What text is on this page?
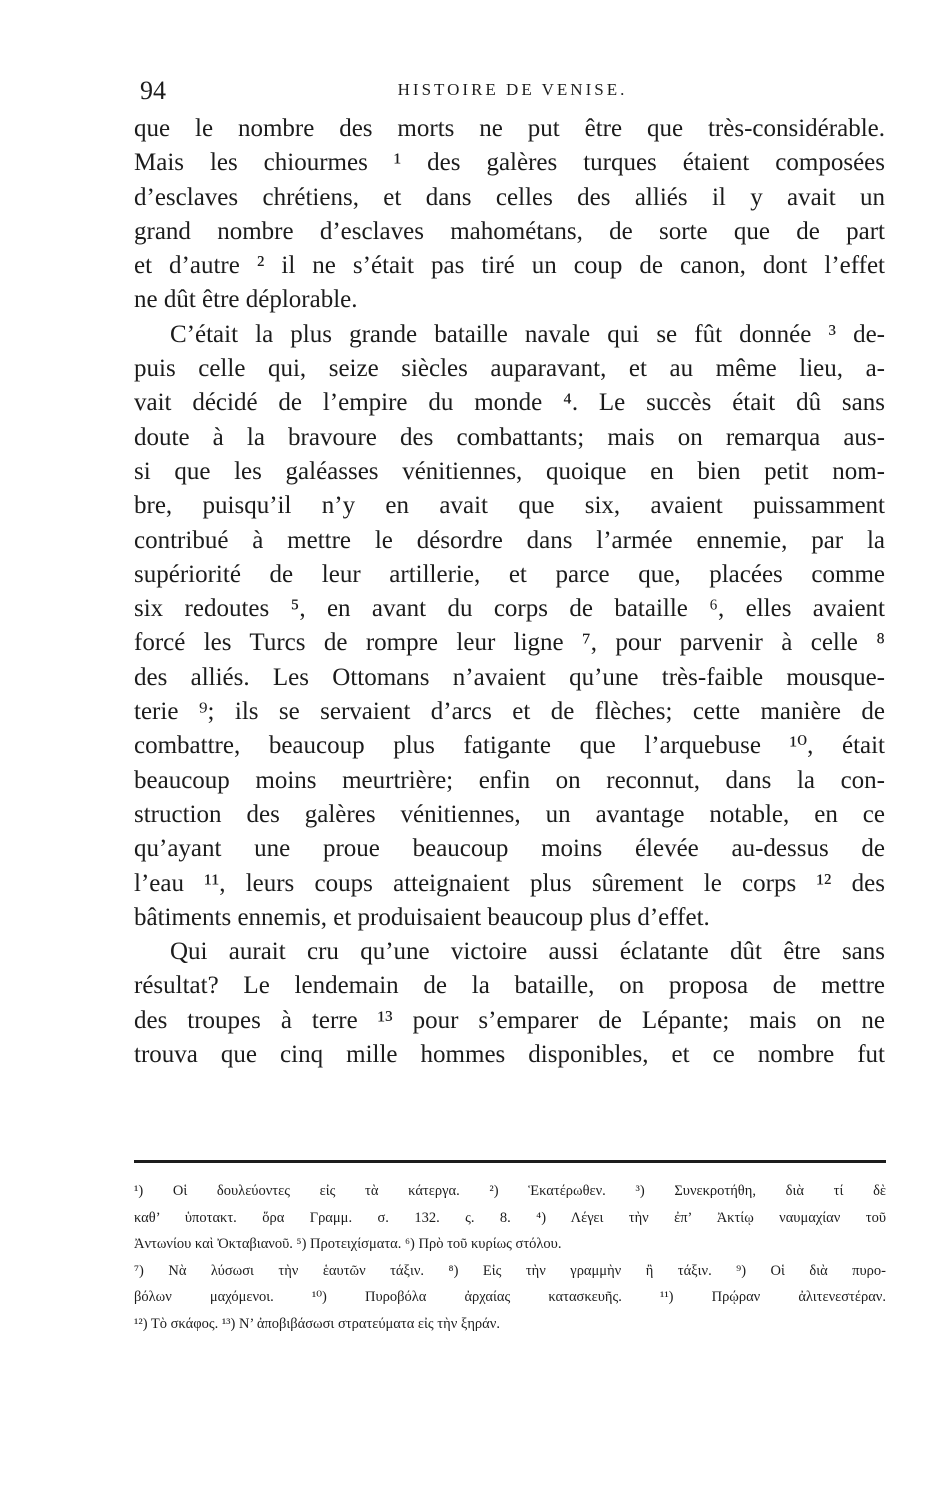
94	HISTOIRE DE VENISE.
que le nombre des morts ne put être que très-considérable.
Mais les chiourmes ¹ des galères turques étaient composées
d’esclaves chrétiens, et dans celles des alliés il y avait un
grand nombre d’esclaves mahométans, de sorte que de part
et d’autre ² il ne s’était pas tiré un coup de canon, dont l’effet
ne dût être déplorable.
C’était la plus grande bataille navale qui se fût donnée ³ de-
puis celle qui, seize siècles auparavant, et au même lieu, a-
vait décidé de l’empire du monde ⁴. Le succès était dû sans
doute à la bravoure des combattants; mais on remarqua aus-
si que les galéasses vénitiennes, quoique en bien petit nom-
bre, puisqu’il n’y en avait que six, avaient puissamment
contribué à mettre le désordre dans l’armée ennemie, par la
supériorité de leur artillerie, et parce que, placées comme
six redoutes ⁵, en avant du corps de bataille ⁶, elles avaient
forcé les Turcs de rompre leur ligne ⁷, pour parvenir à celle ⁸
des alliés. Les Ottomans n’avaient qu’une très-faible mousque-
terie ⁹; ils se servaient d’arcs et de flèches; cette manière de
combattre, beaucoup plus fatigante que l’arquebuse ¹⁰, était
beaucoup moins meurtrière; enfin on reconnut, dans la con-
struction des galères vénitiennes, un avantage notable, en ce
qu’ayant une proue beaucoup moins élevée au-dessus de
l’eau ¹¹, leurs coups atteignaient plus sûrement le corps ¹² des
bâtiments ennemis, et produisaient beaucoup plus d’effet.
Qui aurait cru qu’une victoire aussi éclatante dût être sans
résultat? Le lendemain de la bataille, on proposa de mettre
des troupes à terre ¹³ pour s’emparer de Lépante; mais on ne
trouva que cinq mille hommes disponibles, et ce nombre fut
¹) Οἱ δουλεύοντες εἰς τὰ κάτεργα. ²) Ἑκατέρωθεν. ³) Συνεκροτήθη, διὰ τί δὲ
καθ’ ὑποτακτ. ὅρα Γραμμ. σ. 132. ς. 8. ⁴) Λέγει τὴν ἐπ’ Ἀκτίῳ ναυμαχίαν τοῦ
Ἀντωνίου καὶ Ὀκταβιανοῦ. ⁵) Προτειχίσματα. ⁶) Πρὸ τοῦ κυρίως στόλου.
⁷) Νὰ λύσωσι τὴν ἑαυτῶν τάξιν. ⁸) Εἰς τὴν γραμμὴν ἢ τάξιν. ⁹) Οἱ διὰ πυρο-
βόλων μαχόμενοι. ¹⁰) Πυροβόλα ἀρχαίας κατασκευῆς. ¹¹) Πρῴραν ἀλιτενεστέραν.
¹²) Τὸ σκάφος. ¹³) Ν’ ἀποβιβάσωσι στρατεύματα εἰς τὴν ξηράν.
